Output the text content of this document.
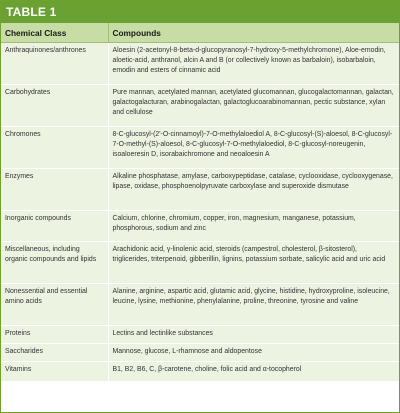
TABLE 1
Chemical Class	Compounds
Anthraquinones/anthrones	Aloesin (2-acetonyl-8-beta-d-glucopyranosyl-7-hydroxy-5-methylchromone), Aloe-emodin, aloetic-acid, anthranol, alcin A and B (or collectively known as barbaloin), isobarbaloin, emodin and esters of cinnamic acid
Carbohydrates	Pure mannan, acetylated mannan, acetylated glucomannan, glucogalactomannan, galactan, galactogalacturan, arabinogalactan, galactoglucoarabinomannan, pectic substance, xylan and cellulose
Chromones	8-C-glucosyl-(2'-O-cinnamoyl)-7-O-methylaloediol A, 8-C-glucosyl-(S)-aloesol, 8-C-glucosyl-7-O-methyl-(S)-aloesol, 8-C-glucosyl-7-O-methylaloediol, 8-C-glucosyl-noreugenin, isoaloeresin D, isorabaichromone and neoaloesin A
Enzymes	Alkaline phosphatase, amylase, carboxypeptidase, catalase, cyclooxidase, cyclooxygenase, lipase, oxidase, phosphoenolpyruvate carboxylase and superoxide dismutase
Inorganic compounds	Calcium, chlorine, chromium, copper, iron, magnesium, manganese, potassium, phosphorous, sodium and zinc
Miscellaneous, including organic compounds and lipids	Arachidonic acid, γ-linolenic acid, steroids (campestrol, cholesterol, β-sitosterol), triglicerides, triterpenoid, gibberillin, lignins, potassium sorbate, salicylic acid and uric acid
Nonessential and essential amino acids	Alanine, arginine, aspartic acid, glutamic acid, glycine, histidine, hydroxyproline, isoleucine, leucine, lysine, methionine, phenylalanine, proline, threonine, tyrosine and valine
Proteins	Lectins and lectinlike substances
Saccharides	Mannose, glucose, L-rhamnose and aldopentose
Vitamins	B1, B2, B6, C, β-carotene, choline, folic acid and α-tocopherol
